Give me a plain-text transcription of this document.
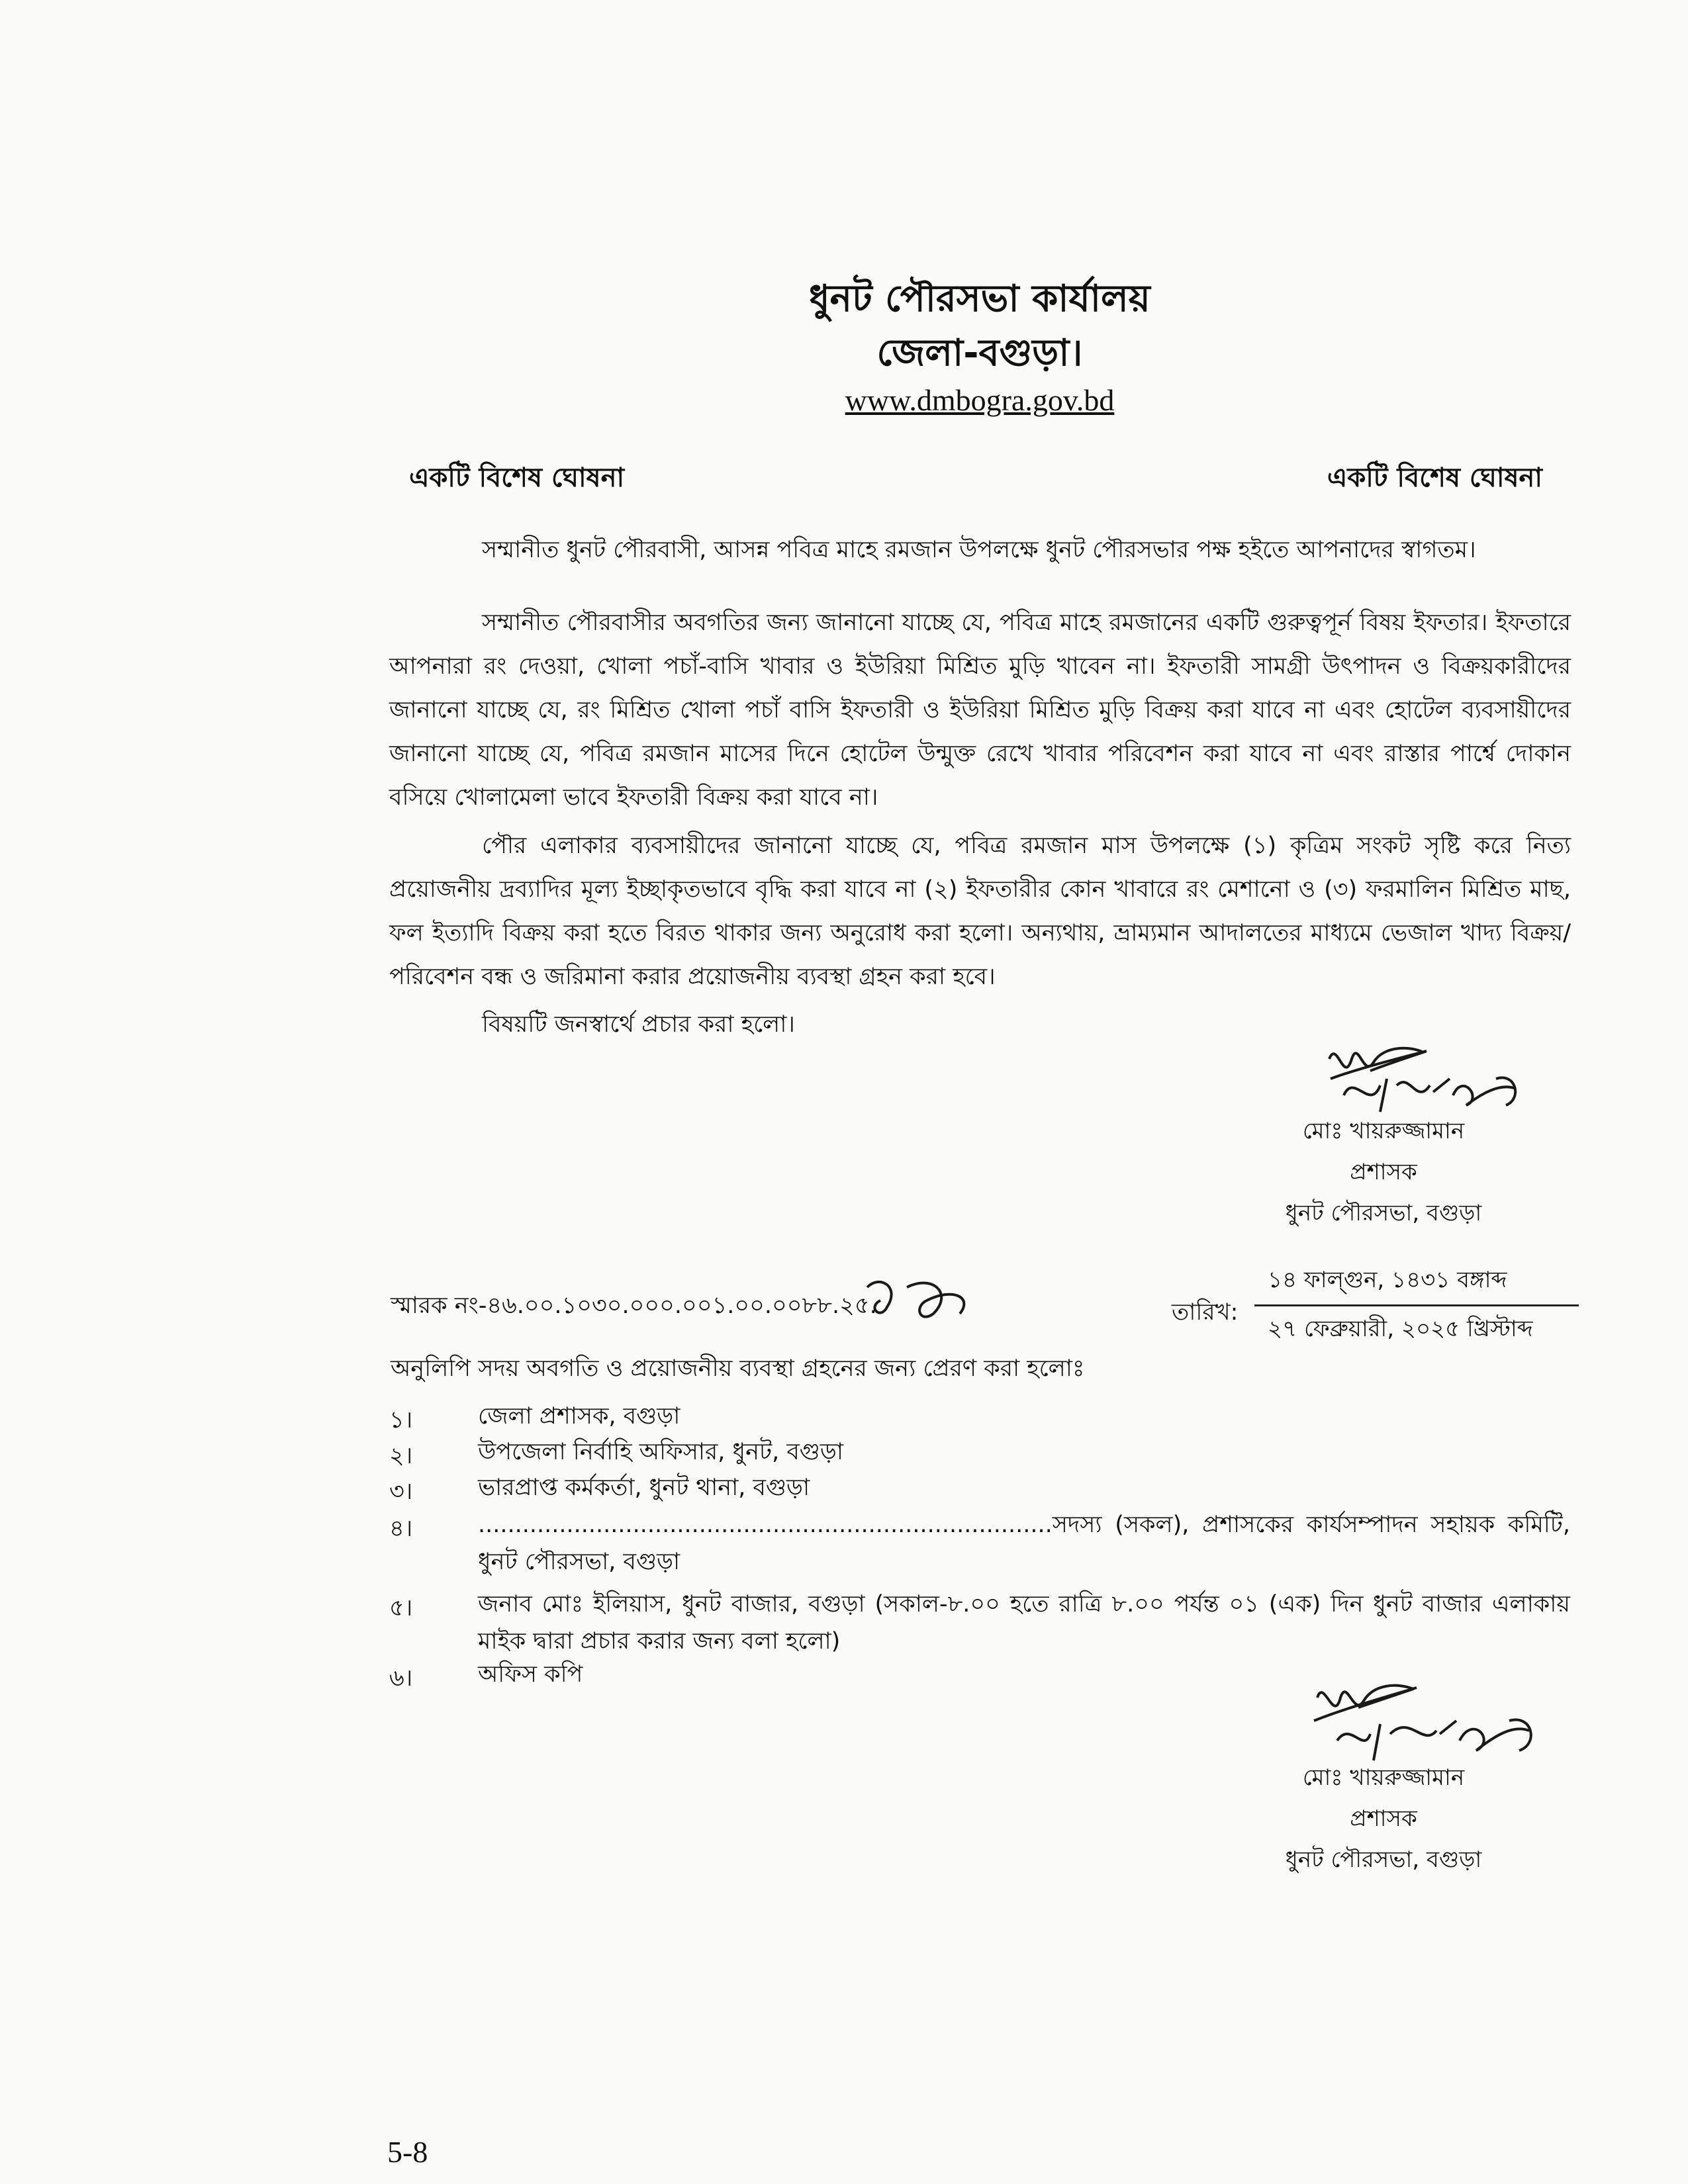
ধুনট পৌরসভা কার্যালয়
জেলা-বগুড়া।
www.dmbogra.gov.bd
একটি বিশেষ ঘোষনা	একটি বিশেষ ঘোষনা
সম্মানীত ধুনট পৌরবাসী, আসন্ন পবিত্র মাহে রমজান উপলক্ষে ধুনট পৌরসভার পক্ষ হইতে আপনাদের স্বাগতম।
সম্মানীত পৌরবাসীর অবগতির জন্য জানানো যাচ্ছে যে, পবিত্র মাহে রমজানের একটি গুরুত্বপূর্ন বিষয় ইফতার। ইফতারে আপনারা রং দেওয়া, খোলা পচাঁ-বাসি খাবার ও ইউরিয়া মিশ্রিত মুড়ি খাবেন না। ইফতারী সামগ্রী উৎপাদন ও বিক্রয়কারীদের জানানো যাচ্ছে যে, রং মিশ্রিত খোলা পচাঁ বাসি ইফতারী ও ইউরিয়া মিশ্রিত মুড়ি বিক্রয় করা যাবে না এবং হোটেল ব্যবসায়ীদের জানানো যাচ্ছে যে, পবিত্র রমজান মাসের দিনে হোটেল উন্মুক্ত রেখে খাবার পরিবেশন করা যাবে না এবং রাস্তার পার্শ্বে দোকান বসিয়ে খোলামেলা ভাবে ইফতারী বিক্রয় করা যাবে না।
পৌর এলাকার ব্যবসায়ীদের জানানো যাচ্ছে যে, পবিত্র রমজান মাস উপলক্ষে (১) কৃত্রিম সংকট সৃষ্টি করে নিত্য প্রয়োজনীয় দ্রব্যাদির মূল্য ইচ্ছাকৃতভাবে বৃদ্ধি করা যাবে না (২) ইফতারীর কোন খাবারে রং মেশানো ও (৩) ফরমালিন মিশ্রিত মাছ, ফল ইত্যাদি বিক্রয় করা হতে বিরত থাকার জন্য অনুরোধ করা হলো। অন্যথায়, ভ্রাম্যমান আদালতের মাধ্যমে ভেজাল খাদ্য বিক্রয়/পরিবেশন বন্ধ ও জরিমানা করার প্রয়োজনীয় ব্যবস্থা গ্রহন করা হবে।
বিষয়টি জনস্বার্থে প্রচার করা হলো।
মোঃ খায়রুজ্জামান
প্রশাসক
ধুনট পৌরসভা, বগুড়া
স্মারক নং-৪৬.০০.১০৩০.০০০.০০১.০০.০০৮৮.২৫.	তারিখ:
১৪ ফাল্গুন, ১৪৩১ বঙ্গাব্দ
২৭ ফেব্রুয়ারী, ২০২৫ খ্রিস্টাব্দ
অনুলিপি সদয় অবগতি ও প্রয়োজনীয় ব্যবস্থা গ্রহনের জন্য প্রেরণ করা হলোঃ
১।	জেলা প্রশাসক, বগুড়া
২।	উপজেলা নির্বাহি অফিসার, ধুনট, বগুড়া
৩।	ভারপ্রাপ্ত কর্মকর্তা, ধুনট থানা, বগুড়া
৪।	..............................................................................সদস্য (সকল), প্রশাসকের কার্যসম্পাদন সহায়ক কমিটি, ধুনট পৌরসভা, বগুড়া
৫।	জনাব মোঃ ইলিয়াস, ধুনট বাজার, বগুড়া (সকাল-৮.০০ হতে রাত্রি ৮.০০ পর্যন্ত ০১ (এক) দিন ধুনট বাজার এলাকায় মাইক দ্বারা প্রচার করার জন্য বলা হলো)
৬।	অফিস কপি
মোঃ খায়রুজ্জামান
প্রশাসক
ধুনট পৌরসভা, বগুড়া
5-8
